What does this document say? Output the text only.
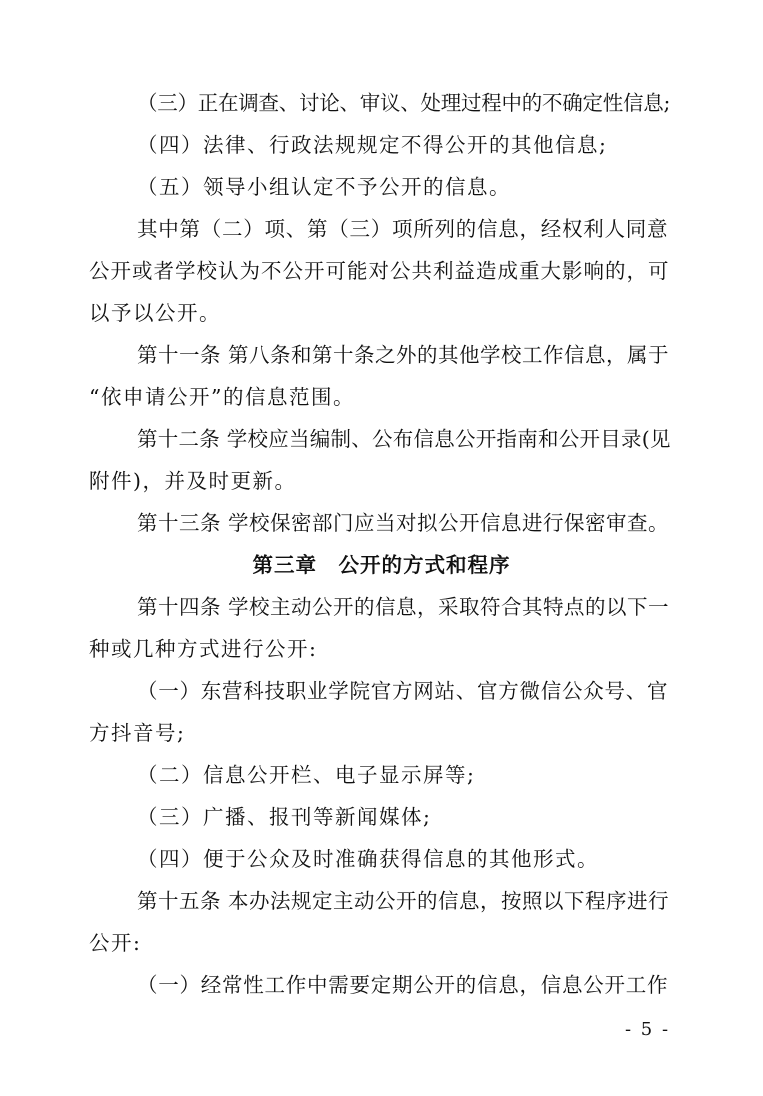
（三）正在调查、讨论、审议、处理过程中的不确定性信息;
（四）法律、行政法规规定不得公开的其他信息;
（五）领导小组认定不予公开的信息。
其中第（二）项、第（三）项所列的信息，经权利人同意
公开或者学校认为不公开可能对公共利益造成重大影响的，可
以予以公开。
第十一条 第八条和第十条之外的其他学校工作信息，属于
“依申请公开”的信息范围。
第十二条 学校应当编制、公布信息公开指南和公开目录(见
附件)，并及时更新。
第十三条 学校保密部门应当对拟公开信息进行保密审查。
第三章　公开的方式和程序
第十四条 学校主动公开的信息，采取符合其特点的以下一
种或几种方式进行公开:
（一）东营科技职业学院官方网站、官方微信公众号、官
方抖音号;
（二）信息公开栏、电子显示屏等;
（三）广播、报刊等新闻媒体;
（四）便于公众及时准确获得信息的其他形式。
第十五条 本办法规定主动公开的信息，按照以下程序进行
公开:
（一）经常性工作中需要定期公开的信息，信息公开工作
- 5 -
